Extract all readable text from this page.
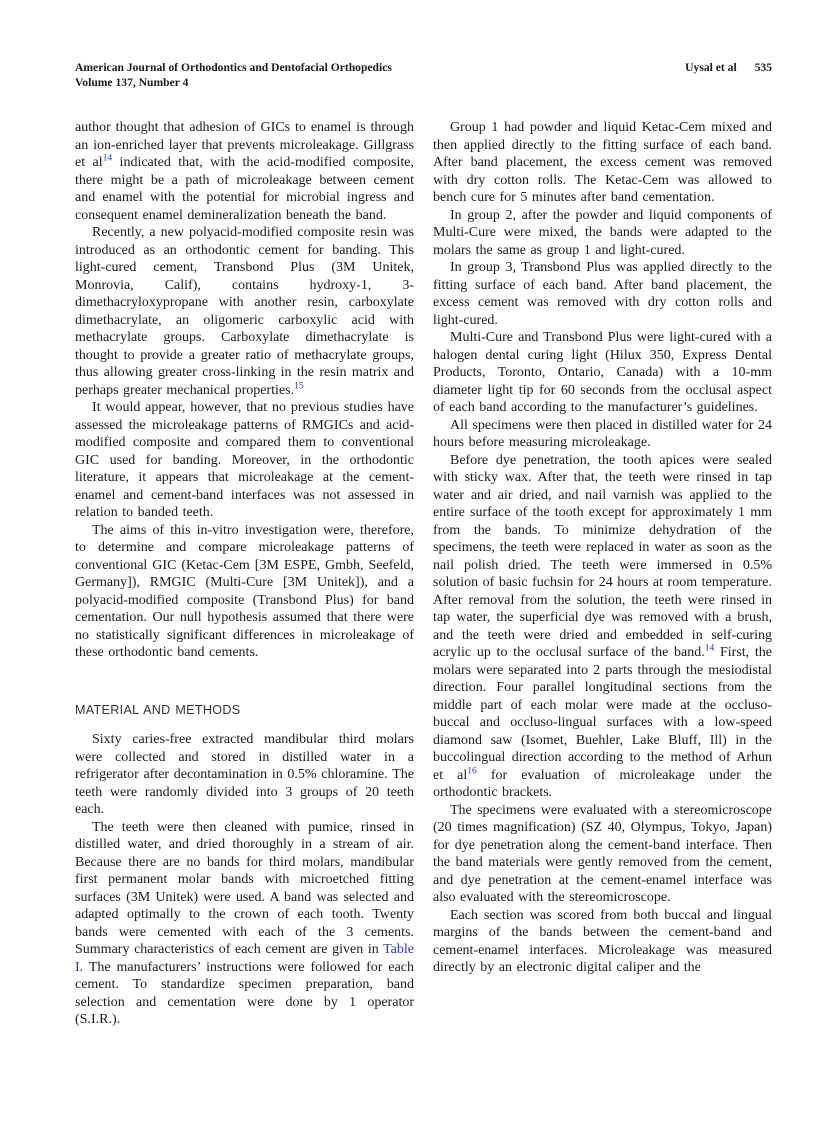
American Journal of Orthodontics and Dentofacial Orthopedics
Volume 137, Number 4
Uysal et al 535

author thought that adhesion of GICs to enamel is through an ion-enriched layer that prevents microleakage. Gillgrass et al$^{14}$ indicated that, with the acid-modified composite, there might be a path of microleakage between cement and enamel with the potential for microbial ingress and consequent enamel demineralization beneath the band.

Recently, a new polyacid-modified composite resin was introduced as an orthodontic cement for banding. This light-cured cement, Transbond Plus (3M Unitek, Monrovia, Calif), contains hydroxy-1, 3-dimethacryloxypropane with another resin, carboxylate dimethacrylate, an oligomeric carboxylic acid with methacrylate groups. Carboxylate dimethacrylate is thought to provide a greater ratio of methacrylate groups, thus allowing greater cross-linking in the resin matrix and perhaps greater mechanical properties.$^{15}$

It would appear, however, that no previous studies have assessed the microleakage patterns of RMGICs and acid-modified composite and compared them to conventional GIC used for banding. Moreover, in the orthodontic literature, it appears that microleakage at the cement-enamel and cement-band interfaces was not assessed in relation to banded teeth.

The aims of this in-vitro investigation were, therefore, to determine and compare microleakage patterns of conventional GIC (Ketac-Cem [3M ESPE, Gmbh, Seefeld, Germany]), RMGIC (Multi-Cure [3M Unitek]), and a polyacid-modified composite (Transbond Plus) for band cementation. Our null hypothesis assumed that there were no statistically significant differences in microleakage of these orthodontic band cements.

MATERIAL AND METHODS

Sixty caries-free extracted mandibular third molars were collected and stored in distilled water in a refrigerator after decontamination in 0.5% chloramine. The teeth were randomly divided into 3 groups of 20 teeth each.

The teeth were then cleaned with pumice, rinsed in distilled water, and dried thoroughly in a stream of air. Because there are no bands for third molars, mandibular first permanent molar bands with microetched fitting surfaces (3M Unitek) were used. A band was selected and adapted optimally to the crown of each tooth. Twenty bands were cemented with each of the 3 cements. Summary characteristics of each cement are given in Table I. The manufacturers’ instructions were followed for each cement. To standardize specimen preparation, band selection and cementation were done by 1 operator (S.I.R.).

Group 1 had powder and liquid Ketac-Cem mixed and then applied directly to the fitting surface of each band. After band placement, the excess cement was removed with dry cotton rolls. The Ketac-Cem was allowed to bench cure for 5 minutes after band cementation.

In group 2, after the powder and liquid components of Multi-Cure were mixed, the bands were adapted to the molars the same as group 1 and light-cured.

In group 3, Transbond Plus was applied directly to the fitting surface of each band. After band placement, the excess cement was removed with dry cotton rolls and light-cured.

Multi-Cure and Transbond Plus were light-cured with a halogen dental curing light (Hilux 350, Express Dental Products, Toronto, Ontario, Canada) with a 10-mm diameter light tip for 60 seconds from the occlusal aspect of each band according to the manufacturer’s guidelines.

All specimens were then placed in distilled water for 24 hours before measuring microleakage.

Before dye penetration, the tooth apices were sealed with sticky wax. After that, the teeth were rinsed in tap water and air dried, and nail varnish was applied to the entire surface of the tooth except for approximately 1 mm from the bands. To minimize dehydration of the specimens, the teeth were replaced in water as soon as the nail polish dried. The teeth were immersed in 0.5% solution of basic fuchsin for 24 hours at room temperature. After removal from the solution, the teeth were rinsed in tap water, the superficial dye was removed with a brush, and the teeth were dried and embedded in self-curing acrylic up to the occlusal surface of the band.$^{14}$ First, the molars were separated into 2 parts through the mesiodistal direction. Four parallel longitudinal sections from the middle part of each molar were made at the occluso-buccal and occluso-lingual surfaces with a low-speed diamond saw (Isomet, Buehler, Lake Bluff, Ill) in the buccolingual direction according to the method of Arhun et al$^{16}$ for evaluation of microleakage under the orthodontic brackets.

The specimens were evaluated with a stereomicroscope (20 times magnification) (SZ 40, Olympus, Tokyo, Japan) for dye penetration along the cement-band interface. Then the band materials were gently removed from the cement, and dye penetration at the cement-enamel interface was also evaluated with the stereomicroscope.

Each section was scored from both buccal and lingual margins of the bands between the cement-band and cement-enamel interfaces. Microleakage was measured directly by an electronic digital caliper and the
